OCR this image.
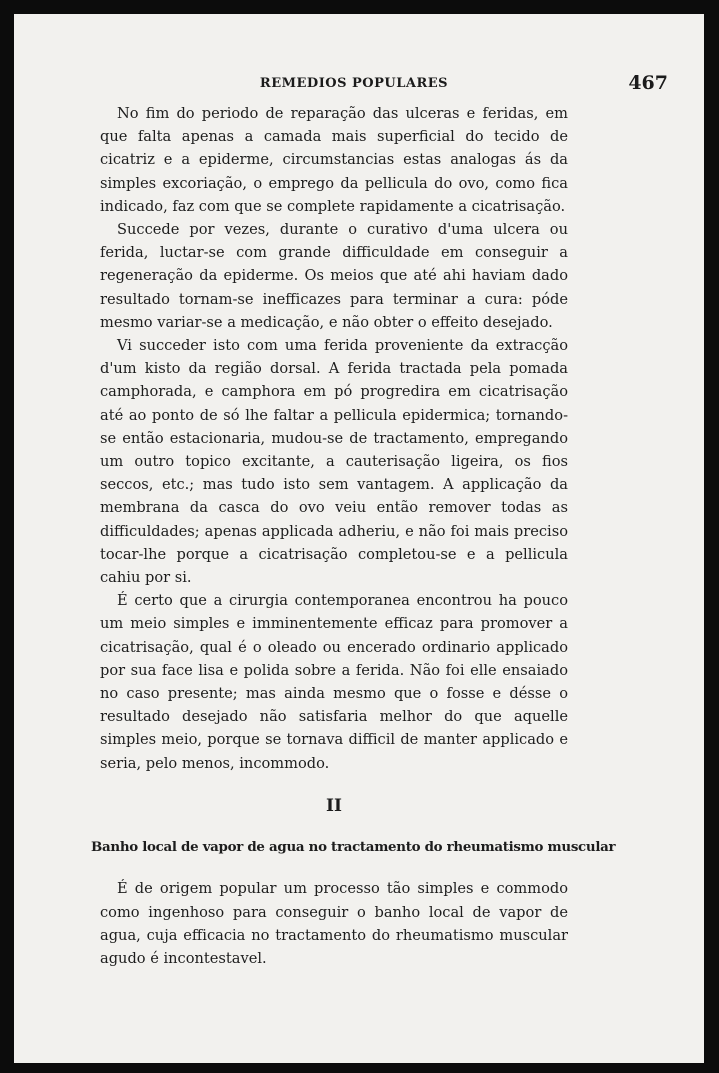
REMEDIOS POPULARES	467

No fim do periodo de reparação das ulceras e feridas, em que falta apenas a camada mais superficial do tecido de cicatriz e a epiderme, circumstancias estas analogas ás da simples excoriação, o emprego da pellicula do ovo, como fica indicado, faz com que se complete rapidamente a cicatrisação.

Succede por vezes, durante o curativo d'uma ulcera ou ferida, luctar-se com grande difficuldade em conseguir a regeneração da epiderme. Os meios que até ahi haviam dado resultado tornam-se inefficazes para terminar a cura: póde mesmo variar-se a medicação, e não obter o effeito desejado.

Vi succeder isto com uma ferida proveniente da extracção d'um kisto da região dorsal. A ferida tractada pela pomada camphorada, e camphora em pó progredira em cicatrisação até ao ponto de só lhe faltar a pellicula epidermica; tornando-se então estacionaria, mudou-se de tractamento, empregando um outro topico excitante, a cauterisação ligeira, os fios seccos, etc.; mas tudo isto sem vantagem. A applicação da membrana da casca do ovo veiu então remover todas as difficuldades; apenas applicada adheriu, e não foi mais preciso tocar-lhe porque a cicatrisação completou-se e a pellicula cahiu por si.

É certo que a cirurgia contemporanea encontrou ha pouco um meio simples e imminentemente efficaz para promover a cicatrisação, qual é o oleado ou encerado ordinario applicado por sua face lisa e polida sobre a ferida. Não foi elle ensaiado no caso presente; mas ainda mesmo que o fosse e désse o resultado desejado não satisfaria melhor do que aquelle simples meio, porque se tornava difficil de manter applicado e seria, pelo menos, incommodo.

II

Banho local de vapor de agua no tractamento do rheumatismo muscular

É de origem popular um processo tão simples e commodo como ingenhoso para conseguir o banho local de vapor de agua, cuja efficacia no tractamento do rheumatismo muscular agudo é incontestavel.
